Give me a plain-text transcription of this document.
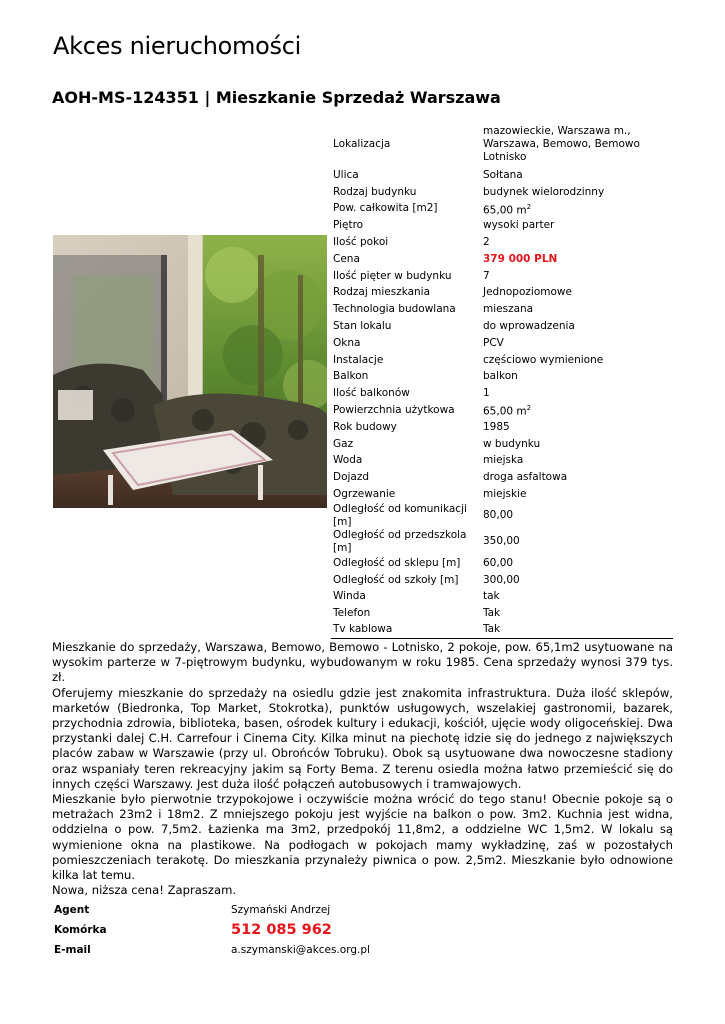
Akces nieruchomości
AOH-MS-124351 | Mieszkanie Sprzedaż Warszawa
Lokalizacja	mazowieckie, Warszawa m., Warszawa, Bemowo, Bemowo Lotnisko
Ulica	Sołtana
Rodzaj budynku	budynek wielorodzinny
Pow. całkowita [m2]	65,00 $m^2$
Piętro	wysoki parter
Ilość pokoi	2
Cena	379 000 PLN
Ilość pięter w budynku	7
Rodzaj mieszkania	Jednopoziomowe
Technologia budowlana	mieszana
Stan lokalu	do wprowadzenia
Okna	PCV
Instalacje	częściowo wymienione
Balkon	balkon
Ilość balkonów	1
Powierzchnia użytkowa	65,00 $m^2$
Rok budowy	1985
Gaz	w budynku
Woda	miejska
Dojazd	droga asfaltowa
Ogrzewanie	miejskie
Odległość od komunikacji [m]	80,00
Odległość od przedszkola [m]	350,00
Odległość od sklepu [m]	60,00
Odległość od szkoły [m]	300,00
Winda	tak
Telefon	Tak
Tv kablowa	Tak

Mieszkanie do sprzedaży, Warszawa, Bemowo, Bemowo - Lotnisko, 2 pokoje, pow. 65,1m2 usytuowane na wysokim parterze w 7-piętrowym budynku, wybudowanym w roku 1985. Cena sprzedaży wynosi 379 tys. zł.

Oferujemy mieszkanie do sprzedaży na osiedlu gdzie jest znakomita infrastruktura. Duża ilość sklepów, marketów (Biedronka, Top Market, Stokrotka), punktów usługowych, wszelakiej gastronomii, bazarek, przychodnia zdrowia, biblioteka, basen, ośrodek kultury i edukacji, kościół, ujęcie wody oligoceńskiej. Dwa przystanki dalej C.H. Carrefour i Cinema City. Kilka minut na piechotę idzie się do jednego z największych placów zabaw w Warszawie (przy ul. Obrońców Tobruku). Obok są usytuowane dwa nowoczesne stadiony oraz wspaniały teren rekreacyjny jakim są Forty Bema. Z terenu osiedla można łatwo przemieścić się do innych części Warszawy. Jest duża ilość połączeń autobusowych i tramwajowych.

Mieszkanie było pierwotnie trzypokojowe i oczywiście można wrócić do tego stanu! Obecnie pokoje są o metrażach 23m2 i 18m2. Z mniejszego pokoju jest wyjście na balkon o pow. 3m2. Kuchnia jest widna, oddzielna o pow. 7,5m2. Łazienka ma 3m2, przedpokój 11,8m2, a oddzielne WC 1,5m2. W lokalu są wymienione okna na plastikowe. Na podłogach w pokojach mamy wykładzinę, zaś w pozostałych pomieszczeniach terakotę. Do mieszkania przynależy piwnica o pow. 2,5m2. Mieszkanie było odnowione kilka lat temu.

Nowa, niższa cena! Zapraszam.

Agent	Szymański Andrzej
Komórka	512 085 962
E-mail	a.szymanski@akces.org.pl
